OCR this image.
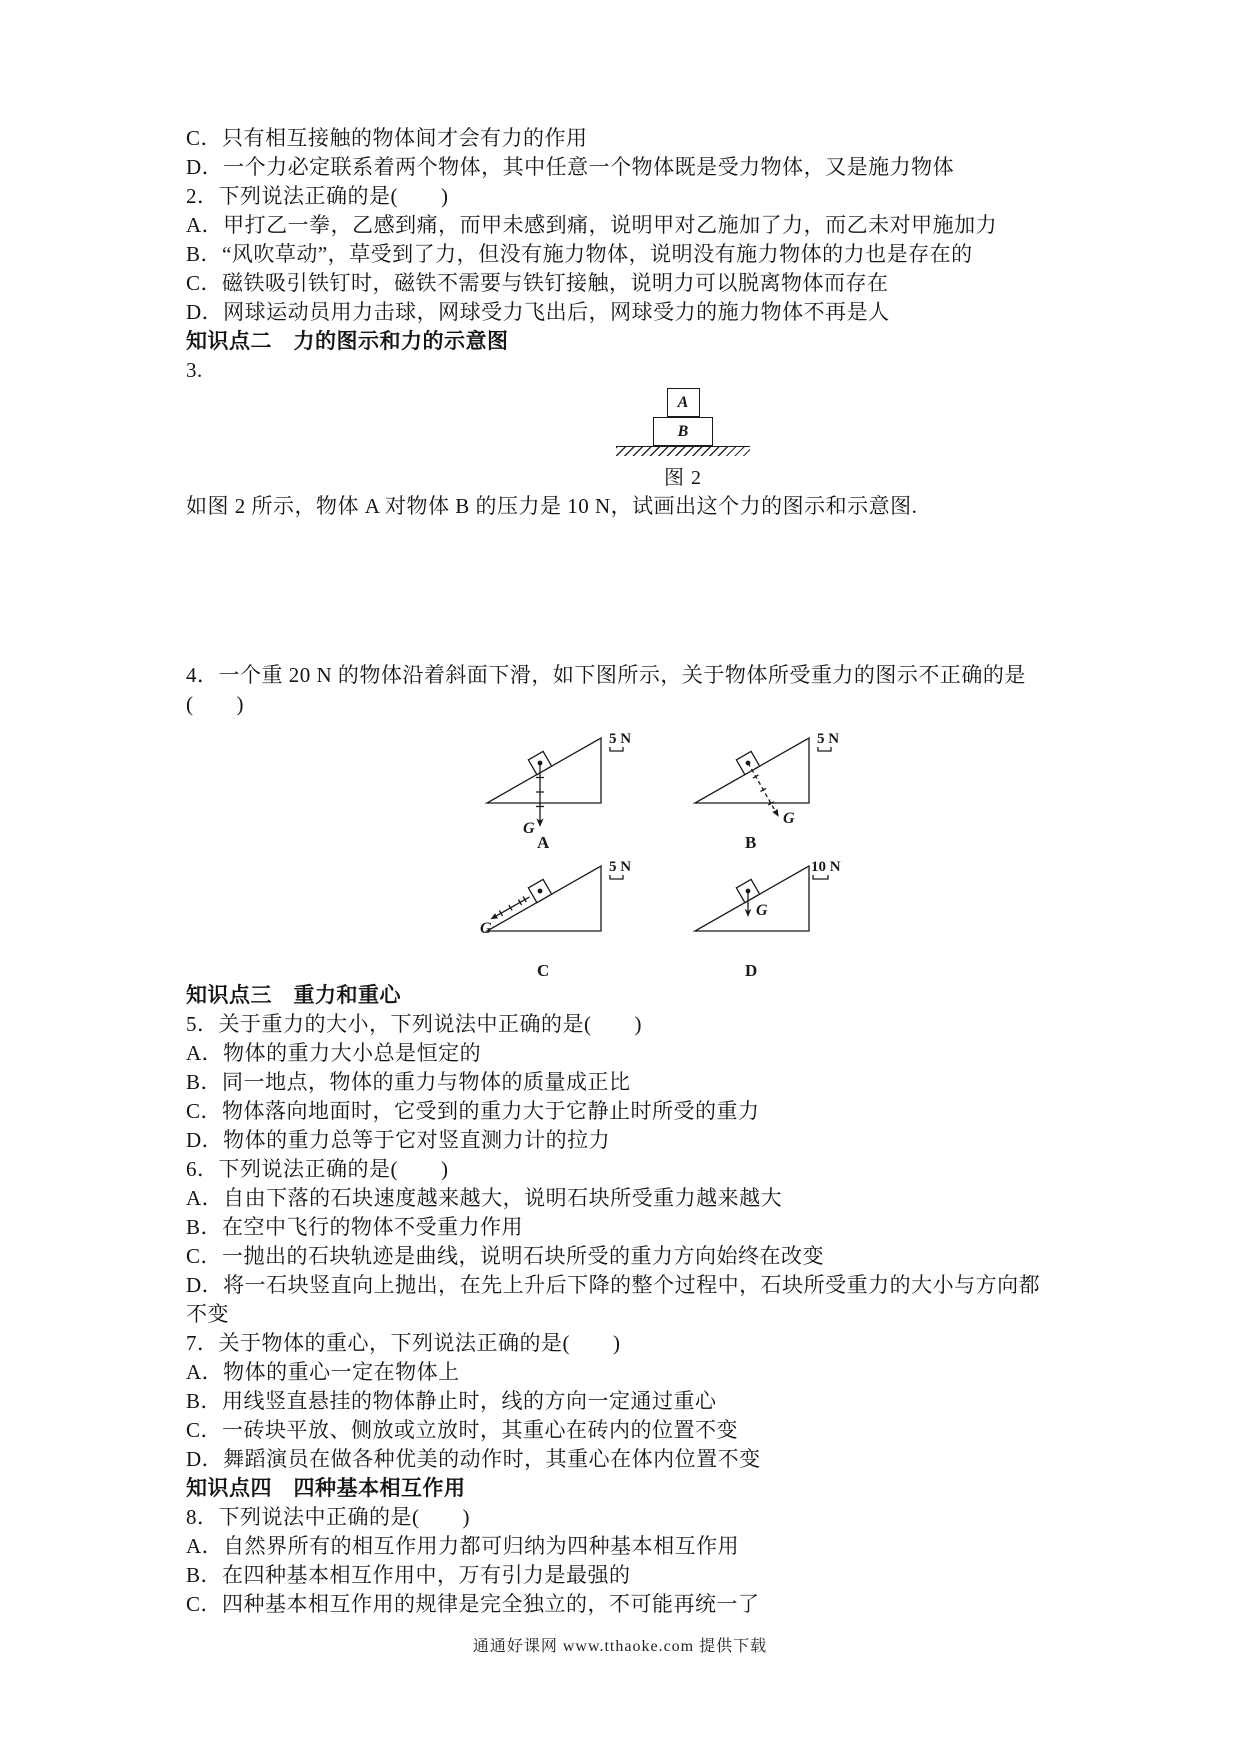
C．只有相互接触的物体间才会有力的作用

D．一个力必定联系着两个物体，其中任意一个物体既是受力物体，又是施力物体

2．下列说法正确的是(　　)

A．甲打乙一拳，乙感到痛，而甲未感到痛，说明甲对乙施加了力，而乙未对甲施加力

B．“风吹草动”，草受到了力，但没有施力物体，说明没有施力物体的力也是存在的

C．磁铁吸引铁钉时，磁铁不需要与铁钉接触，说明力可以脱离物体而存在

D．网球运动员用力击球，网球受力飞出后，网球受力的施力物体不再是人

知识点二　力的图示和力的示意图

3.

A
B
图 2

如图 2 所示，物体 A 对物体 B 的压力是 10 N，试画出这个力的图示和示意图.

4．一个重 20 N 的物体沿着斜面下滑，如下图所示，关于物体所受重力的图示不正确的是

(　　)

G
5 N
A
G
5 N
B
G
5 N
C
G
10 N
D

知识点三　重力和重心

5．关于重力的大小，下列说法中正确的是(　　)

A．物体的重力大小总是恒定的

B．同一地点，物体的重力与物体的质量成正比

C．物体落向地面时，它受到的重力大于它静止时所受的重力

D．物体的重力总等于它对竖直测力计的拉力

6．下列说法正确的是(　　)

A．自由下落的石块速度越来越大，说明石块所受重力越来越大

B．在空中飞行的物体不受重力作用

C．一抛出的石块轨迹是曲线，说明石块所受的重力方向始终在改变

D．将一石块竖直向上抛出，在先上升后下降的整个过程中，石块所受重力的大小与方向都

不变

7．关于物体的重心，下列说法正确的是(　　)

A．物体的重心一定在物体上

B．用线竖直悬挂的物体静止时，线的方向一定通过重心

C．一砖块平放、侧放或立放时，其重心在砖内的位置不变

D．舞蹈演员在做各种优美的动作时，其重心在体内位置不变

知识点四　四种基本相互作用

8．下列说法中正确的是(　　)

A．自然界所有的相互作用力都可归纳为四种基本相互作用

B．在四种基本相互作用中，万有引力是最强的

C．四种基本相互作用的规律是完全独立的，不可能再统一了

通通好课网 www.tthaoke.com 提供下载
